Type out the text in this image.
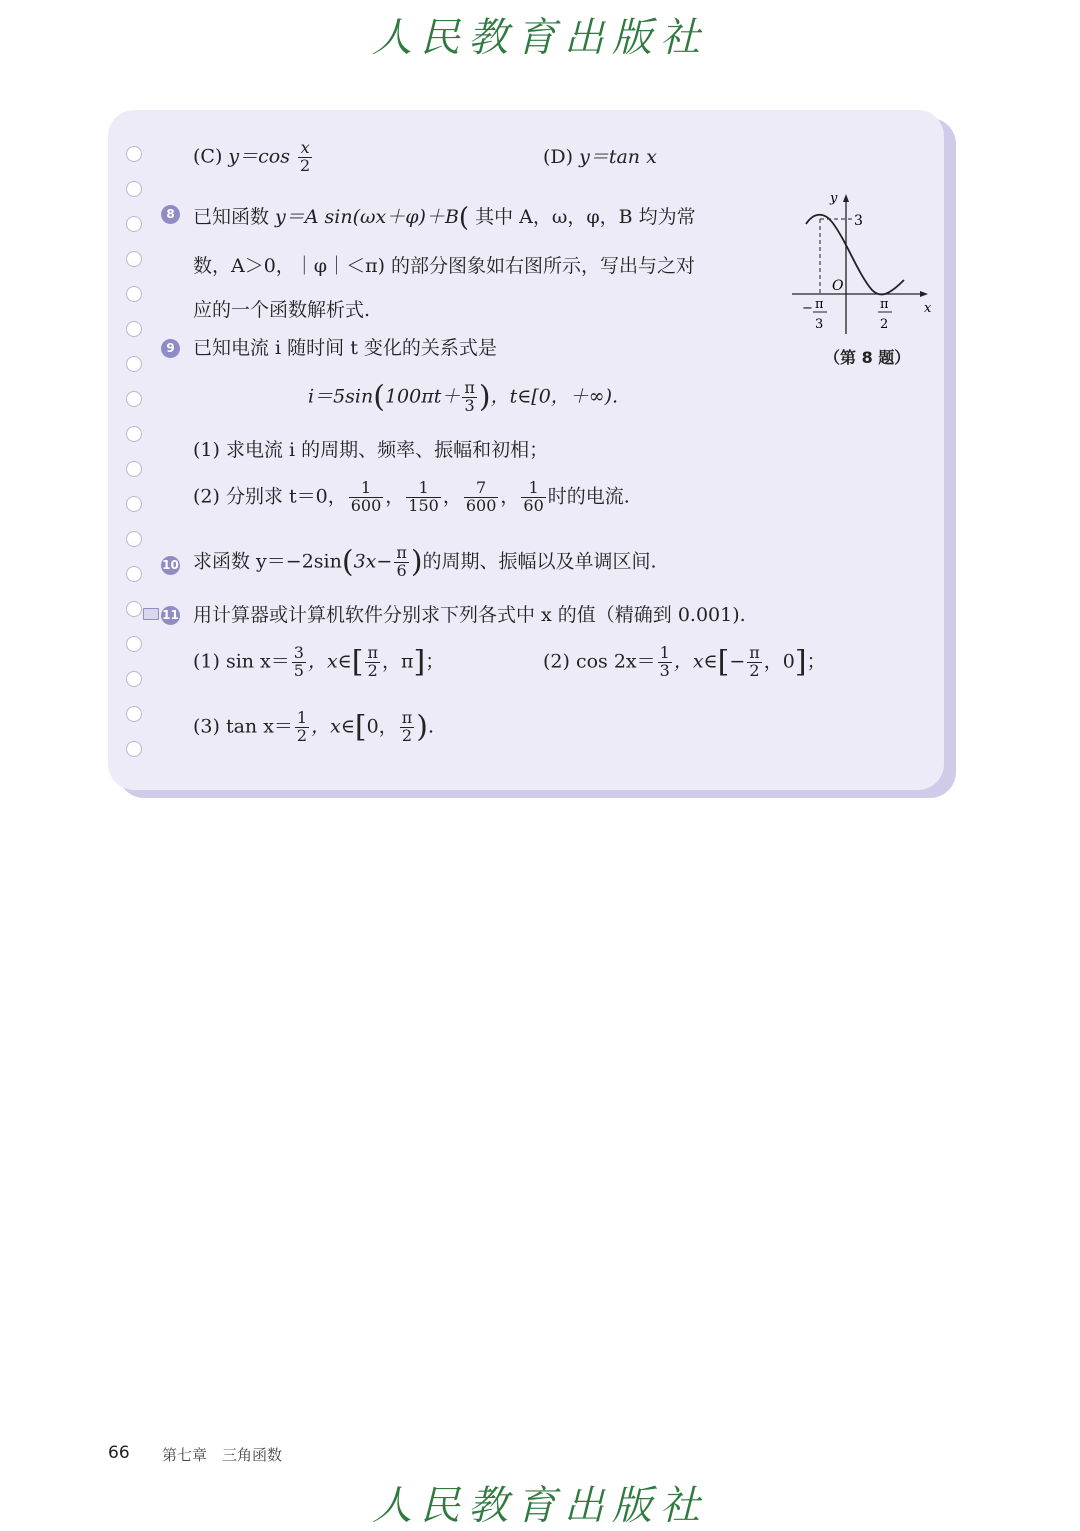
人民教育出版社
(C) $y=\cos \frac{x}{2}$	(D) y＝tan x
8 已知函数 y＝A sin(ωx＋φ)＋B( 其中 A，ω，φ，B 均为常
数，A＞0，｜φ｜＜π) 的部分图象如右图所示，写出与之对
应的一个函数解析式.
y
x
O
3
− π
3
π
2
（第 8 题）
9 已知电流 i 随时间 t 变化的关系式是
$i=5\sin(100\pi t+ \frac{\pi}{3}$ )，t∈[0，＋∞).
(1) 求电流 i 的周期、频率、振幅和初相；
(2) 分别求 t＝0， $\frac{1}{600}$ ， $\frac{1}{150}$ ， $\frac{7}{600}$ ， $\frac{1}{60}$ 时的电流.
10 求函数 $y=-2\sin(3x- \frac{\pi}{6}$ )的周期、振幅以及单调区间.
11 用计算器或计算机软件分别求下列各式中 x 的值（精确到 0.001).
(1) $\sin x= \frac{3}{5}$ ，x∈[ $\frac{\pi}{2}$ ，π]；	(2) $\cos 2x= \frac{1}{3}$ ，x∈[− $\frac{\pi}{2}$ ，0]；
(3) $\tan x= \frac{1}{2}$ ，x∈[0， $\frac{\pi}{2}$ ).
66 第七章　三角函数
人民教育出版社
